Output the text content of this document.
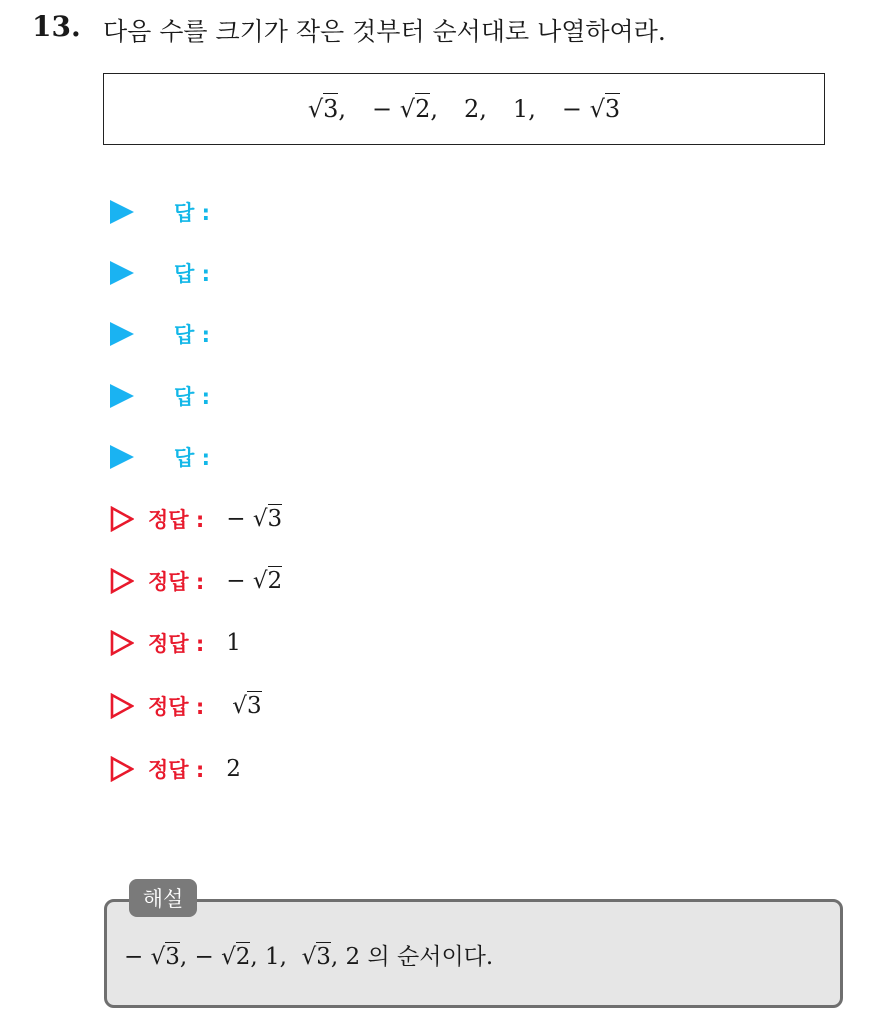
13. 다음 수를 크기가 작은 것부터 순서대로 나열하여라.
√3,	− √2,	2,	1,	− √3
답 :
답 :
답 :
답 :
답 :
정답 : − √3
정답 : − √2
정답 : 1
정답 : √3
정답 : 2
해설
− √3, − √2, 1,  √3, 2 의 순서이다.
